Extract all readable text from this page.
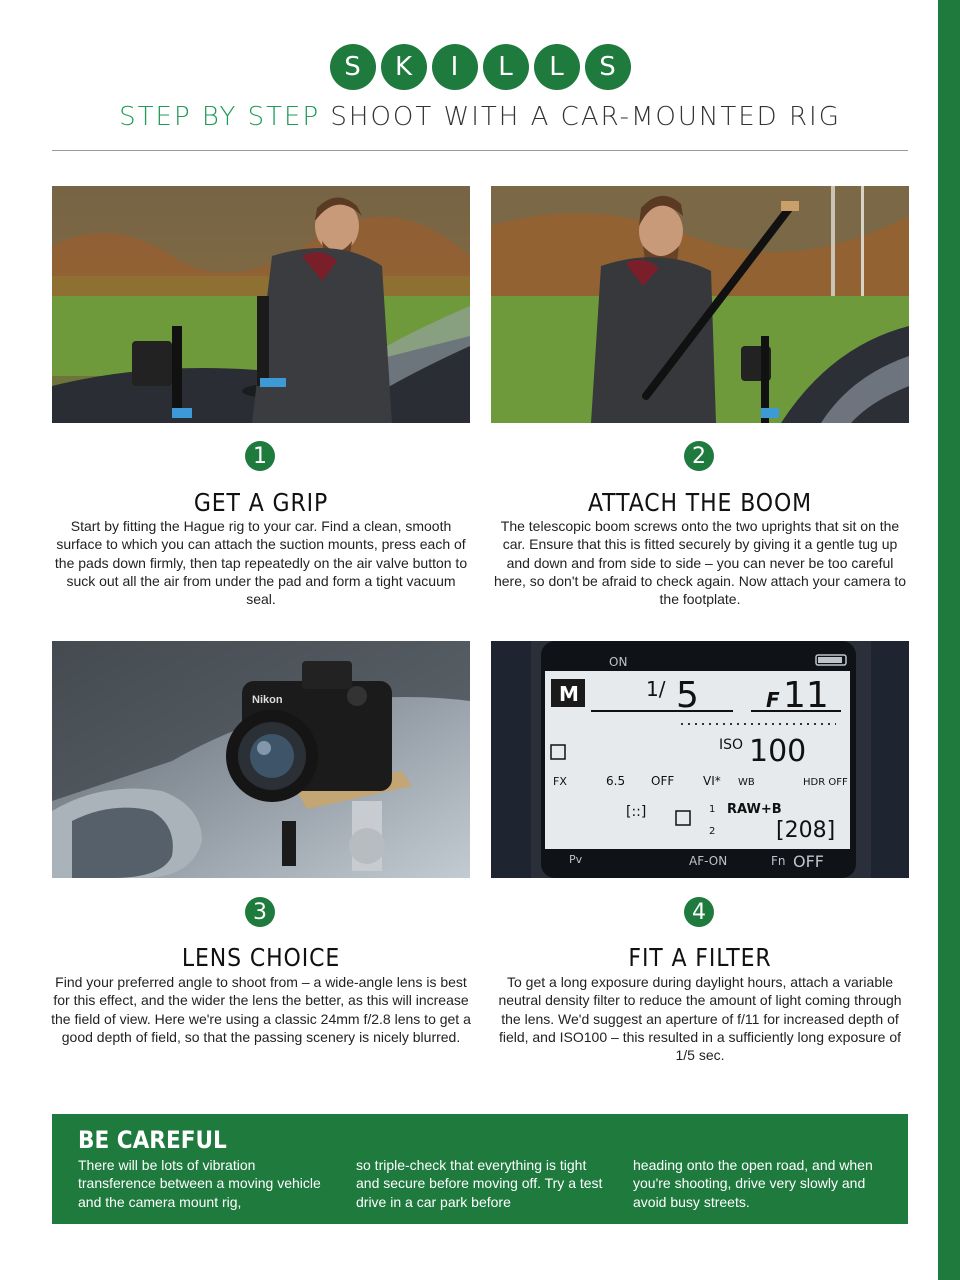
S	K	I	L	L	S
STEP BY STEP SHOOT WITH A CAR-MOUNTED RIG
1	2
GET A GRIP	ATTACH THE BOOM
Start by fitting the Hague rig to your car. Find a clean, smooth surface to which you can attach the suction mounts, press each of the pads down firmly, then tap repeatedly on the air valve button to suck out all the air from under the pad and form a tight vacuum seal.
The telescopic boom screws onto the two uprights that sit on the car. Ensure that this is fitted securely by giving it a gentle tug up and down and from side to side – you can never be too careful here, so don't be afraid to check again. Now attach your camera to the footplate.
Nikon
ON
M	1/ 5	F 11
ISO 100
FX	6.5 OFF VI* WB	HDR OFF
[::]	1 RAW+B
2	[208]
Pv	AF-ON	Fn OFF
3	4
LENS CHOICE	FIT A FILTER
Find your preferred angle to shoot from – a wide-angle lens is best for this effect, and the wider the lens the better, as this will increase the field of view. Here we're using a classic 24mm f/2.8 lens to get a good depth of field, so that the passing scenery is nicely blurred.
To get a long exposure during daylight hours, attach a variable neutral density filter to reduce the amount of light coming through the lens. We'd suggest an aperture of f/11 for increased depth of field, and ISO100 – this resulted in a sufficiently long exposure of 1/5 sec.
BE CAREFUL
There will be lots of vibration transference between a moving vehicle and the camera mount rig,
so triple-check that everything is tight and secure before moving off. Try a test drive in a car park before
heading onto the open road, and when you're shooting, drive very slowly and avoid busy streets.
